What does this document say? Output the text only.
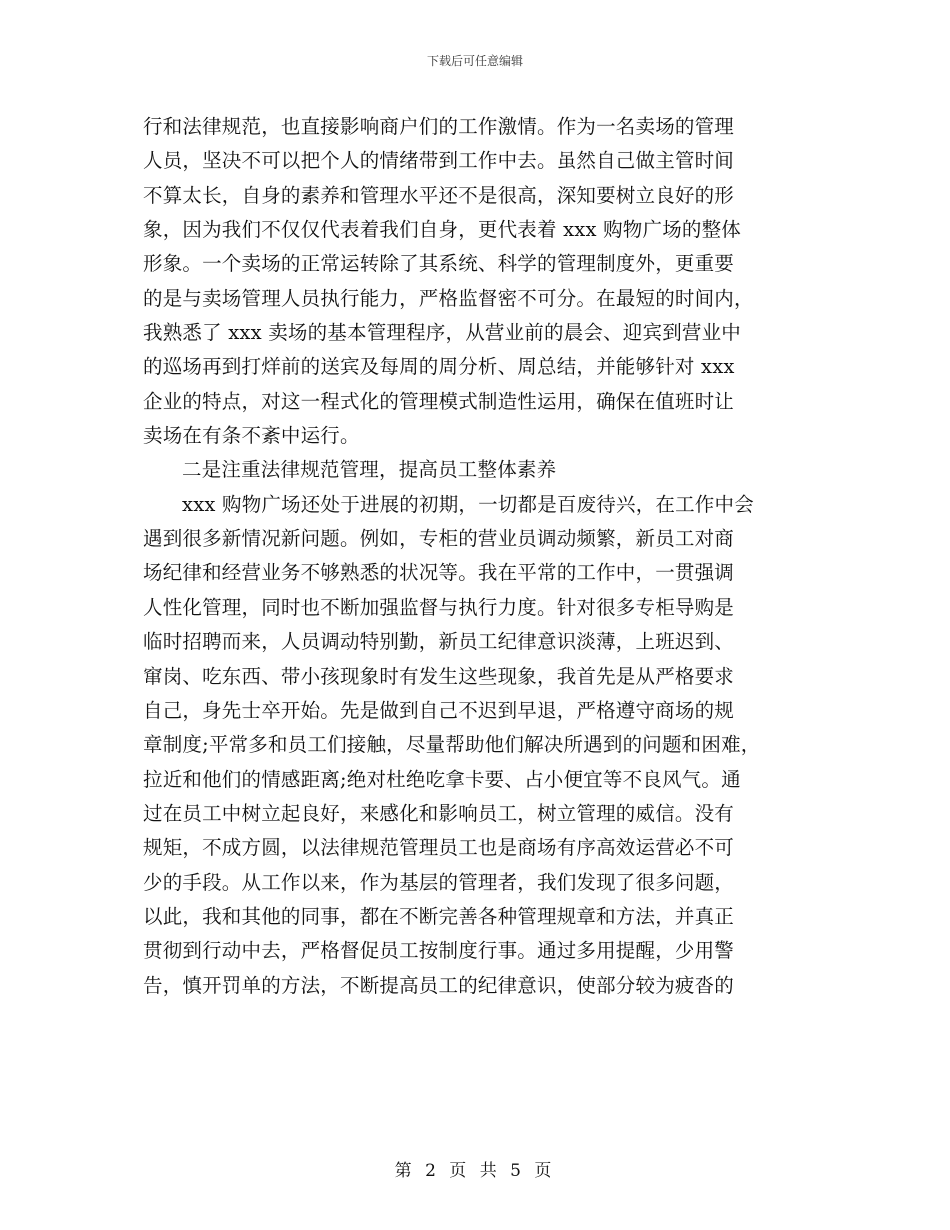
下载后可任意编辑

行和法律规范，也直接影响商户们的工作激情。作为一名卖场的管理

人员，坚决不可以把个人的情绪带到工作中去。虽然自己做主管时间

不算太长，自身的素养和管理水平还不是很高，深知要树立良好的形

象，因为我们不仅仅代表着我们自身，更代表着 xxx 购物广场的整体

形象。一个卖场的正常运转除了其系统、科学的管理制度外，更重要

的是与卖场管理人员执行能力，严格监督密不可分。在最短的时间内，

我熟悉了 xxx 卖场的基本管理程序，从营业前的晨会、迎宾到营业中

的巡场再到打烊前的送宾及每周的周分析、周总结，并能够针对 xxx

企业的特点，对这一程式化的管理模式制造性运用，确保在值班时让

卖场在有条不紊中运行。

二是注重法律规范管理，提高员工整体素养

xxx 购物广场还处于进展的初期，一切都是百废待兴，在工作中会

遇到很多新情况新问题。例如，专柜的营业员调动频繁，新员工对商

场纪律和经营业务不够熟悉的状况等。我在平常的工作中，一贯强调

人性化管理，同时也不断加强监督与执行力度。针对很多专柜导购是

临时招聘而来，人员调动特别勤，新员工纪律意识淡薄，上班迟到、

窜岗、吃东西、带小孩现象时有发生这些现象，我首先是从严格要求

自己，身先士卒开始。先是做到自己不迟到早退，严格遵守商场的规

章制度;平常多和员工们接触，尽量帮助他们解决所遇到的问题和困难，

拉近和他们的情感距离;绝对杜绝吃拿卡要、占小便宜等不良风气。通

过在员工中树立起良好，来感化和影响员工，树立管理的威信。没有

规矩，不成方圆，以法律规范管理员工也是商场有序高效运营必不可

少的手段。从工作以来，作为基层的管理者，我们发现了很多问题，

以此，我和其他的同事，都在不断完善各种管理规章和方法，并真正

贯彻到行动中去，严格督促员工按制度行事。通过多用提醒，少用警

告，慎开罚单的方法，不断提高员工的纪律意识，使部分较为疲沓的

第 2 页 共 5 页
